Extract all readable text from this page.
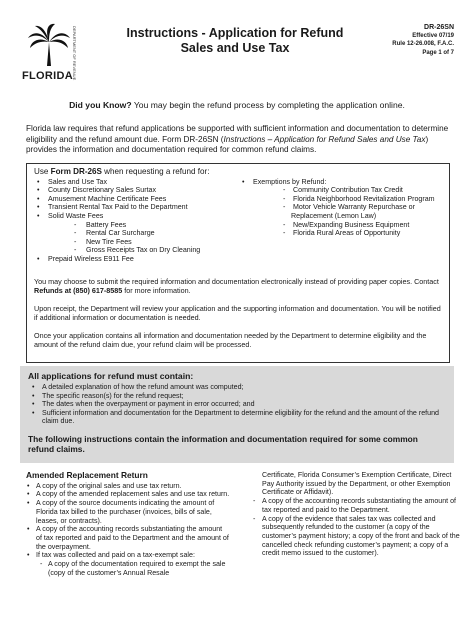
FLORIDA DEPARTMENT OF REVENUE	Instructions - Application for Refund
Sales and Use Tax
DR-26SN
Effective 07/19
Rule 12-26.008, F.A.C.
Page 1 of 7
Did you Know? You may begin the refund process by completing the application online.
Florida law requires that refund applications be supported with sufficient information and documentation to determine eligibility and the refund amount due. Form DR-26SN (Instructions – Application for Refund Sales and Use Tax) provides the information and documentation required for common refund claims.
Use Form DR-26S when requesting a refund for:
• Sales and Use Tax
• County Discretionary Sales Surtax
• Amusement Machine Certificate Fees
• Transient Rental Tax Paid to the Department
• Solid Waste Fees
- Battery Fees
- Rental Car Surcharge
- New Tire Fees
- Gross Receipts Tax on Dry Cleaning
• Prepaid Wireless E911 Fee
• Exemptions by Refund:
- Community Contribution Tax Credit
- Florida Neighborhood Revitalization Program
- Motor Vehicle Warranty Repurchase or
Replacement (Lemon Law)
- New/Expanding Business Equipment
- Florida Rural Areas of Opportunity

You may choose to submit the required information and documentation electronically instead of providing paper copies. Contact Refunds at (850) 617-8585 for more information.

Upon receipt, the Department will review your application and the supporting information and documentation. You will be notified if additional information or documentation is needed.

Once your application contains all information and documentation needed by the Department to determine eligibility and the amount of the refund claim due, your refund claim will be processed.

All applications for refund must contain:
• A detailed explanation of how the refund amount was computed;
• The specific reason(s) for the refund request;
• The dates when the overpayment or payment in error occurred; and
• Sufficient information and documentation for the Department to determine eligibility for the refund and the amount of the refund claim due.
The following instructions contain the information and documentation required for some common refund claims.
Amended Replacement Return
• A copy of the original sales and use tax return.
• A copy of the amended replacement sales and use tax return.
• A copy of the source documents indicating the amount of Florida tax billed to the purchaser (invoices, bills of sale, leases, or contracts).
• A copy of the accounting records substantiating the amount of tax reported and paid to the Department and the amount of the overpayment.
• If tax was collected and paid on a tax-exempt sale:
- A copy of the documentation required to exempt the sale (copy of the customer’s Annual Resale
Certificate, Florida Consumer’s Exemption Certificate, Direct Pay Authority issued by the Department, or other Exemption Certificate or Affidavit).
- A copy of the accounting records substantiating the amount of tax reported and paid to the Department.
- A copy of the evidence that sales tax was collected and subsequently refunded to the customer (a copy of the customer’s payment history; a copy of the front and back of the cancelled check refunding customer’s payment; a copy of a credit memo issued to the customer).
